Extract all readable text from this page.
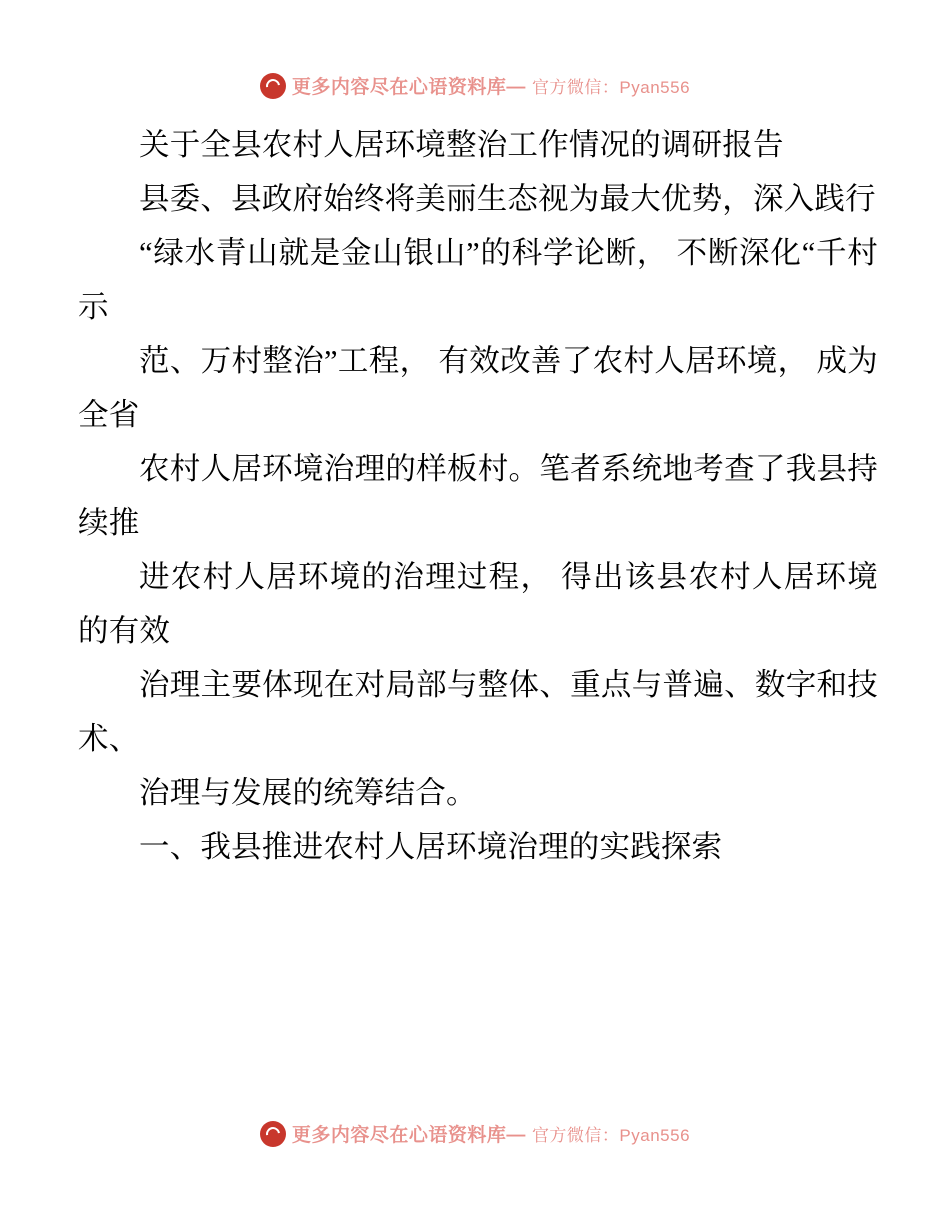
更多内容尽在心语资料库— 官方微信：Pyan556

关于全县农村人居环境整治工作情况的调研报告

县委、县政府始终将美丽生态视为最大优势，深入践行

“绿水青山就是金山银山”的科学论断， 不断深化“千村示

范、万村整治”工程， 有效改善了农村人居环境， 成为全省

农村人居环境治理的样板村。笔者系统地考查了我县持续推

进农村人居环境的治理过程， 得出该县农村人居环境的有效

治理主要体现在对局部与整体、重点与普遍、数字和技术、

治理与发展的统筹结合。

一、我县推进农村人居环境治理的实践探索

更多内容尽在心语资料库— 官方微信：Pyan556
